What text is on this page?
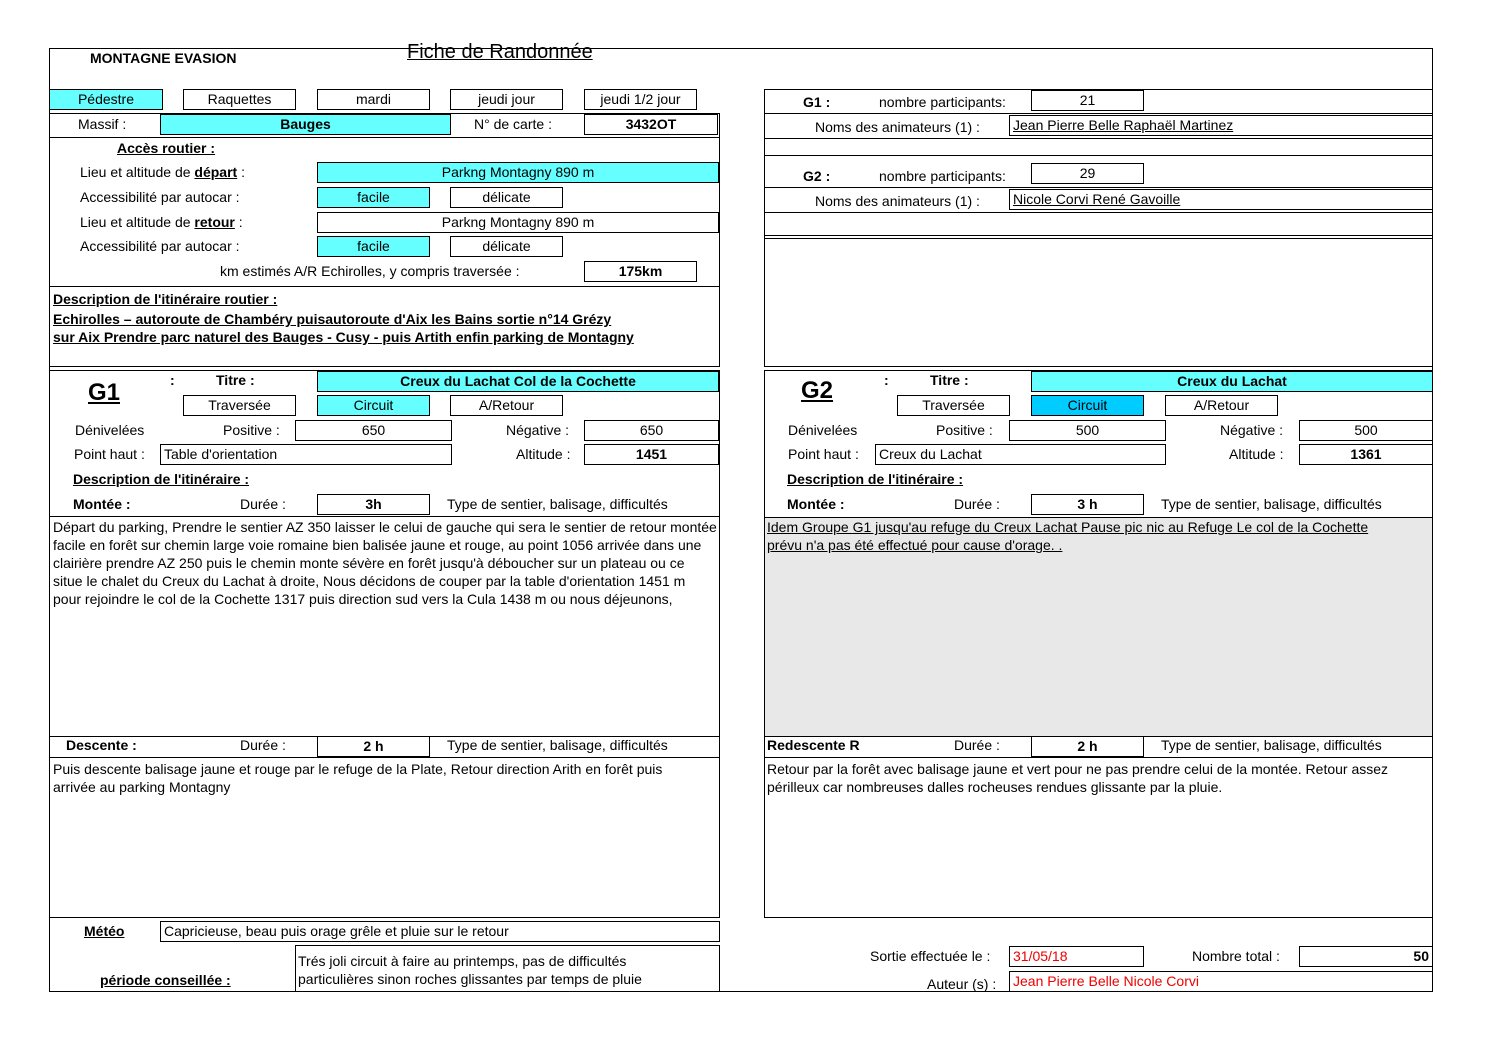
MONTAGNE EVASION	Fiche de Randonnée
Pédestre	Raquettes	mardi	jeudi jour	jeudi 1/2 jour
Massif :	Bauges	N° de carte :	3432OT
Accès routier :
Lieu et altitude de départ :	Parkng Montagny 890 m
Accessibilité par autocar :	facile	délicate
Lieu et altitude de retour :	Parkng Montagny 890 m
Accessibilité par autocar :	facile	délicate
km estimés A/R Echirolles, y compris traversée :	175km
Description de l'itinéraire routier :
Echirolles – autoroute de Chambéry puisautoroute d'Aix les Bains sortie n°14 Grézy
sur Aix Prendre parc naturel des Bauges - Cusy - puis Artith enfin parking de Montagny
G1 :	nombre participants:	21
Noms des animateurs (1) : Jean Pierre Belle Raphaël Martinez
G2 :	nombre participants:	29
Noms des animateurs (1) : Nicole Corvi René Gavoille
G1	:	Titre :	Creux du Lachat Col de la Cochette
Traversée	Circuit	A/Retour
Dénivelées	Positive :	650	Négative :	650
Point haut : Table d'orientation	Altitude :	1451
Description de l'itinéraire :
Montée :	Durée :	3h	Type de sentier, balisage, difficultés
Départ du parking, Prendre le sentier AZ 350 laisser le celui de gauche qui sera le sentier de retour montée facile en forêt sur chemin large voie romaine bien balisée jaune et rouge, au point 1056 arrivée dans une clairière prendre AZ 250 puis le chemin monte sévère en forêt jusqu'à déboucher sur un plateau ou ce situe le chalet du Creux du Lachat à droite, Nous décidons de couper par la table d'orientation 1451 m pour rejoindre le col de la Cochette 1317 puis direction sud vers la Cula 1438 m ou nous déjeunons,
Descente :	Durée :	2 h	Type de sentier, balisage, difficultés
Puis descente balisage jaune et rouge par le refuge de la Plate, Retour direction Arith en forêt puis arrivée au parking Montagny
G2	:	Titre :	Creux du Lachat
Traversée	Circuit	A/Retour
Dénivelées	Positive :	500	Négative :	500
Point haut : Creux du Lachat	Altitude :	1361
Description de l'itinéraire :
Montée :	Durée :	3 h	Type de sentier, balisage, difficultés
Idem Groupe G1 jusqu'au refuge du Creux Lachat Pause pic nic au Refuge Le col de la Cochette prévu n'a pas été effectué pour cause d'orage. .
Redescente R	Durée :	2 h	Type de sentier, balisage, difficultés
Retour par la forêt avec balisage jaune et vert pour ne pas prendre celui de la montée. Retour assez périlleux car nombreuses dalles rocheuses rendues glissante par la pluie.
Météo	Capricieuse, beau puis orage grêle et pluie sur le retour
Trés joli circuit à faire au printemps, pas de difficultés particulières sinon roches glissantes par temps de pluie
période conseillée :
Sortie effectuée le : 31/05/18	Nombre total :	50
Auteur (s) : Jean Pierre Belle Nicole Corvi
